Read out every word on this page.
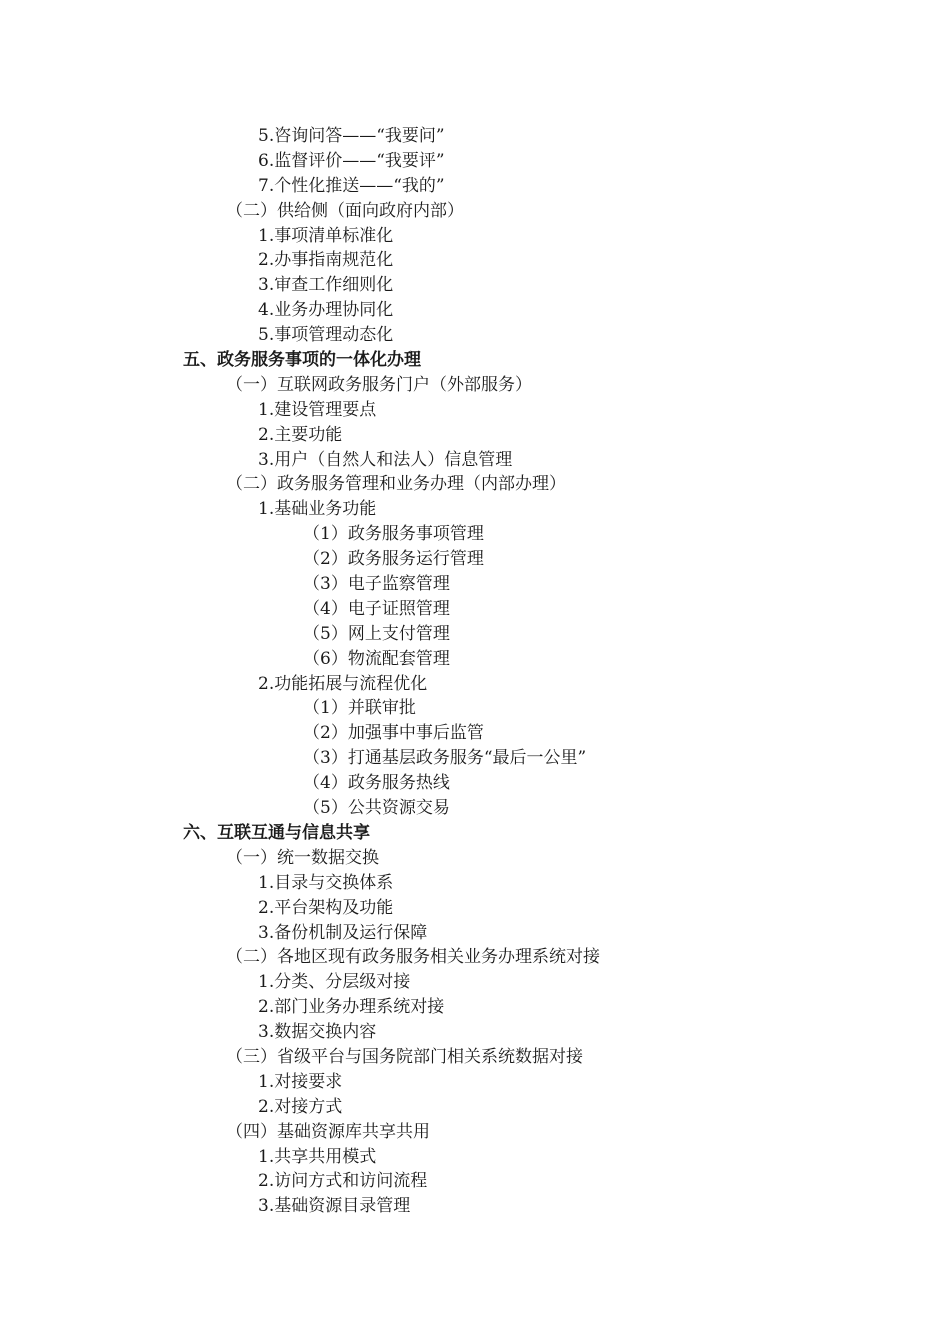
5.咨询问答——“我要问”
6.监督评价——“我要评”
7.个性化推送——“我的”
（二）供给侧（面向政府内部）
1.事项清单标准化
2.办事指南规范化
3.审查工作细则化
4.业务办理协同化
5.事项管理动态化
五、政务服务事项的一体化办理
（一）互联网政务服务门户（外部服务）
1.建设管理要点
2.主要功能
3.用户（自然人和法人）信息管理
（二）政务服务管理和业务办理（内部办理）
1.基础业务功能
（1）政务服务事项管理
（2）政务服务运行管理
（3）电子监察管理
（4）电子证照管理
（5）网上支付管理
（6）物流配套管理
2.功能拓展与流程优化
（1）并联审批
（2）加强事中事后监管
（3）打通基层政务服务“最后一公里”
（4）政务服务热线
（5）公共资源交易
六、互联互通与信息共享
（一）统一数据交换
1.目录与交换体系
2.平台架构及功能
3.备份机制及运行保障
（二）各地区现有政务服务相关业务办理系统对接
1.分类、分层级对接
2.部门业务办理系统对接
3.数据交换内容
（三）省级平台与国务院部门相关系统数据对接
1.对接要求
2.对接方式
（四）基础资源库共享共用
1.共享共用模式
2.访问方式和访问流程
3.基础资源目录管理
